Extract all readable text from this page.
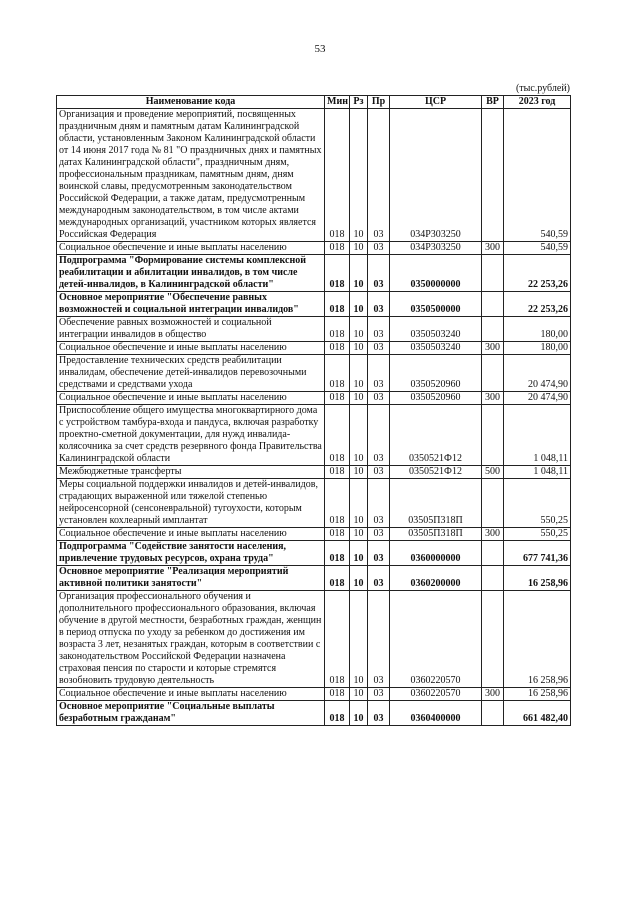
53
(тыс.рублей)
Наименование кода	Мин	Рз	Пр	ЦСР	ВР	2023 год
Организация и проведение мероприятий, посвященных праздничным дням и памятным датам Калининградской области, установленным Законом Калининградской области от 14 июня 2017 года № 81 "О праздничных днях и памятных датах Калининградской области", праздничным дням, профессиональным праздникам, памятным дням, дням воинской славы, предусмотренным законодательством Российской Федерации, а также датам, предусмотренным международным законодательством, в том числе актами международных организаций, участником которых является Российская Федерация	018	10	03	034P303250		540,59
Социальное обеспечение и иные выплаты населению	018	10	03	034P303250	300	540,59
Подпрограмма "Формирование системы комплексной реабилитации и абилитации инвалидов, в том числе детей-инвалидов, в Калининградской области"	018	10	03	0350000000		22 253,26
Основное мероприятие "Обеспечение равных возможностей и социальной интеграции инвалидов"	018	10	03	0350500000		22 253,26
Обеспечение равных возможностей и социальной интеграции инвалидов в общество	018	10	03	0350503240		180,00
Социальное обеспечение и иные выплаты населению	018	10	03	0350503240	300	180,00
Предоставление технических средств реабилитации инвалидам, обеспечение детей-инвалидов перевозочными средствами и средствами ухода	018	10	03	0350520960		20 474,90
Социальное обеспечение и иные выплаты населению	018	10	03	0350520960	300	20 474,90
Приспособление общего имущества многоквартирного дома с устройством тамбура-входа и пандуса, включая разработку проектно-сметной документации, для нужд инвалида-колясочника за счет средств резервного фонда Правительства Калининградской области	018	10	03	0350521Ф12		1 048,11
Межбюджетные трансферты	018	10	03	0350521Ф12	500	1 048,11
Меры социальной поддержки инвалидов и детей-инвалидов, страдающих выраженной или тяжелой степенью нейросенсорной (сенсоневральной) тугоухости, которым установлен кохлеарный имплантат	018	10	03	03505П318П		550,25
Социальное обеспечение и иные выплаты населению	018	10	03	03505П318П	300	550,25
Подпрограмма "Содействие занятости населения, привлечение трудовых ресурсов, охрана труда"	018	10	03	0360000000		677 741,36
Основное мероприятие "Реализация мероприятий активной политики занятости"	018	10	03	0360200000		16 258,96
Организация профессионального обучения и дополнительного профессионального образования, включая обучение в другой местности, безработных граждан, женщин в период отпуска по уходу за ребенком до достижения им возраста 3 лет, незанятых граждан, которым в соответствии с законодательством Российской Федерации назначена страховая пенсия по старости и которые стремятся возобновить трудовую деятельность	018	10	03	0360220570		16 258,96
Социальное обеспечение и иные выплаты населению	018	10	03	0360220570	300	16 258,96
Основное мероприятие "Социальные выплаты безработным гражданам"	018	10	03	0360400000		661 482,40
